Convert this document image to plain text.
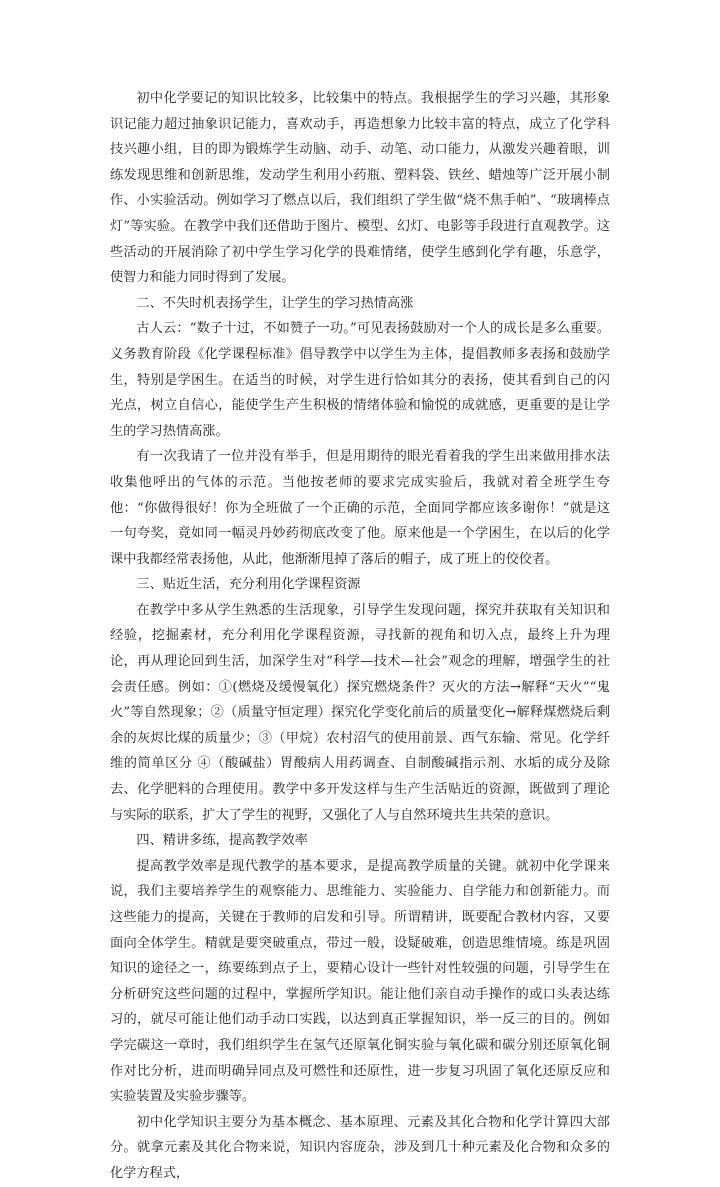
初中化学要记的知识比较多，比较集中的特点。我根据学生的学习兴趣，其形象识记能力超过抽象识记能力，喜欢动手，再造想象力比较丰富的特点，成立了化学科技兴趣小组，目的即为锻炼学生动脑、动手、动笔、动口能力，从激发兴趣着眼，训练发现思维和创新思维，发动学生利用小药瓶、塑料袋、铁丝、蜡烛等广泛开展小制作、小实验活动。例如学习了燃点以后，我们组织了学生做“烧不焦手帕”、“玻璃棒点灯”等实验。在教学中我们还借助于图片、模型、幻灯、电影等手段进行直观教学。这些活动的开展消除了初中学生学习化学的畏难情绪，使学生感到化学有趣，乐意学，使智力和能力同时得到了发展。

二、不失时机表扬学生，让学生的学习热情高涨

古人云：“数子十过，不如赞子一功。”可见表扬鼓励对一个人的成长是多么重要。义务教育阶段《化学课程标准》倡导教学中以学生为主体，提倡教师多表扬和鼓励学生，特别是学困生。在适当的时候，对学生进行恰如其分的表扬，使其看到自己的闪光点，树立自信心，能使学生产生积极的情绪体验和愉悦的成就感，更重要的是让学生的学习热情高涨。

有一次我请了一位并没有举手，但是用期待的眼光看着我的学生出来做用排水法收集他呼出的气体的示范。当他按老师的要求完成实验后，我就对着全班学生夸他：“你做得很好！你为全班做了一个正确的示范，全面同学都应该多谢你！”就是这一句夸奖，竟如同一幅灵丹妙药彻底改变了他。原来他是一个学困生，在以后的化学课中我都经常表扬他，从此，他渐渐甩掉了落后的帽子，成了班上的佼佼者。

三、贴近生活，充分利用化学课程资源

在教学中多从学生熟悉的生活现象，引导学生发现问题，探究并获取有关知识和经验，挖掘素材，充分利用化学课程资源，寻找新的视角和切入点，最终上升为理论，再从理论回到生活，加深学生对“科学—技术—社会”观念的理解，增强学生的社会责任感。例如：①(燃烧及缓慢氧化）探究燃烧条件？灭火的方法→解释“天火”“鬼火”等自然现象；②（质量守恒定理）探究化学变化前后的质量变化→解释煤燃烧后剩余的灰烬比煤的质量少；③（甲烷）农村沼气的使用前景、西气东输、常见。化学纤维的简单区分 ④（酸碱盐）胃酸病人用药调查、自制酸碱指示剂、水垢的成分及除去、化学肥料的合理使用。教学中多开发这样与生产生活贴近的资源，既做到了理论与实际的联系，扩大了学生的视野，又强化了人与自然环境共生共荣的意识。

四、精讲多练，提高教学效率

提高教学效率是现代教学的基本要求，是提高教学质量的关键。就初中化学课来说，我们主要培养学生的观察能力、思维能力、实验能力、自学能力和创新能力。而这些能力的提高，关键在于教师的启发和引导。所谓精讲，既要配合教材内容，又要面向全体学生。精就是要突破重点，带过一般，设疑破难，创造思维情境。练是巩固知识的途径之一，练要练到点子上，要精心设计一些针对性较强的问题，引导学生在分析研究这些问题的过程中，掌握所学知识。能让他们亲自动手操作的或口头表达练习的，就尽可能让他们动手动口实践，以达到真正掌握知识，举一反三的目的。例如学完碳这一章时，我们组织学生在氢气还原氧化铜实验与氧化碳和碳分别还原氧化铜作对比分析，进而明确异同点及可燃性和还原性，进一步复习巩固了氧化还原反应和实验装置及实验步骤等。

初中化学知识主要分为基本概念、基本原理、元素及其化合物和化学计算四大部分。就拿元素及其化合物来说，知识内容庞杂，涉及到几十种元素及化合物和众多的化学方程式，
